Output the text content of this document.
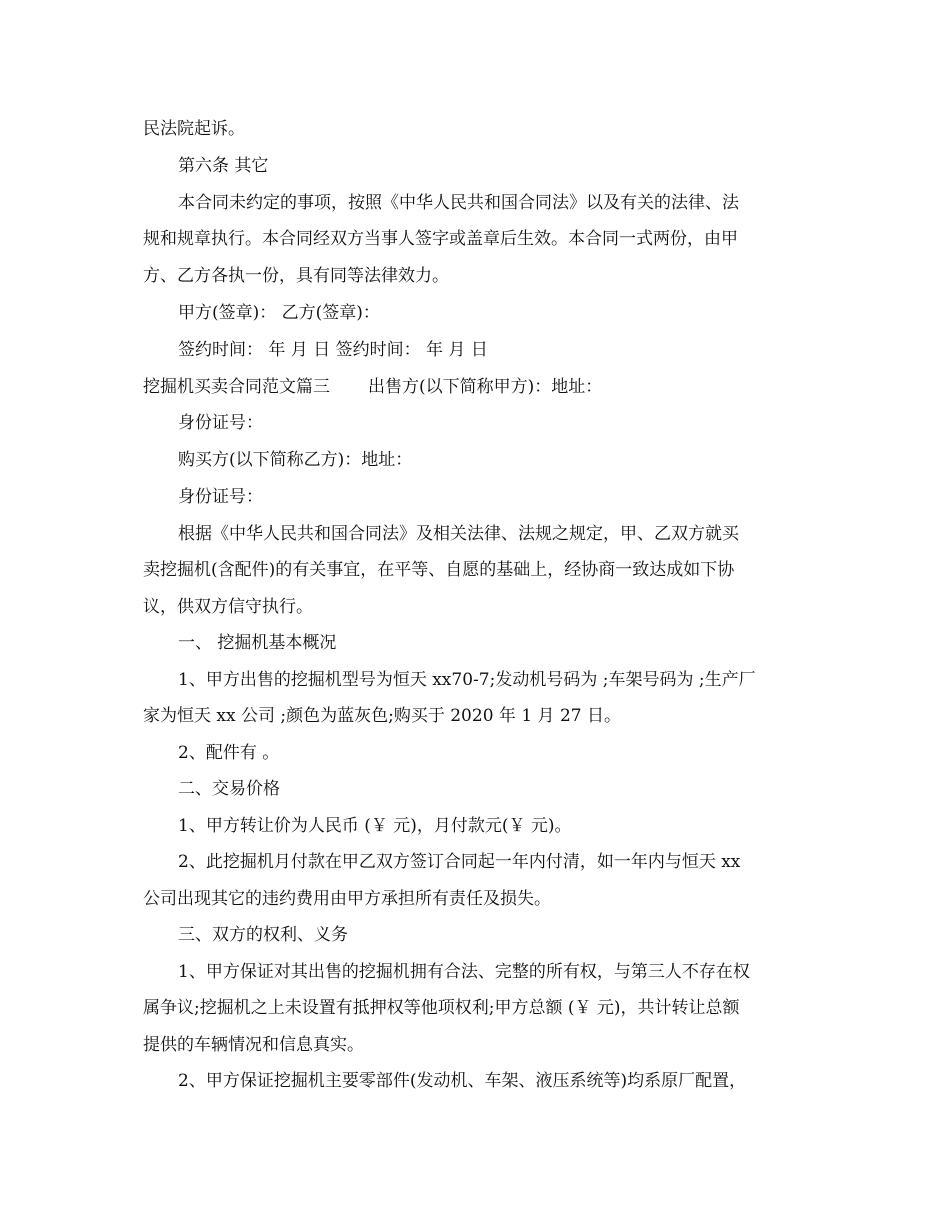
民法院起诉。
第六条 其它
本合同未约定的事项，按照《中华人民共和国合同法》以及有关的法律、法
规和规章执行。本合同经双方当事人签字或盖章后生效。本合同一式两份，由甲
方、乙方各执一份，具有同等法律效力。
甲方(签章)： 乙方(签章)：
签约时间： 年 月 日 签约时间： 年 月 日
挖掘机买卖合同范文篇三 出售方(以下简称甲方)：地址：
身份证号：
购买方(以下简称乙方)：地址：
身份证号：
根据《中华人民共和国合同法》及相关法律、法规之规定，甲、乙双方就买
卖挖掘机(含配件)的有关事宜，在平等、自愿的基础上，经协商一致达成如下协
议，供双方信守执行。
一、 挖掘机基本概况
1、甲方出售的挖掘机型号为恒天 xx70-7;发动机号码为 ;车架号码为 ;生产厂
家为恒天 xx 公司 ;颜色为蓝灰色;购买于 2020 年 1 月 27 日。
2、配件有 。
二、交易价格
1、甲方转让价为人民币 (￥ 元)，月付款元(￥ 元)。
2、此挖掘机月付款在甲乙双方签订合同起一年内付清，如一年内与恒天 xx
公司出现其它的违约费用由甲方承担所有责任及损失。
三、双方的权利、义务
1、甲方保证对其出售的挖掘机拥有合法、完整的所有权，与第三人不存在权
属争议;挖掘机之上未设置有抵押权等他项权利;甲方总额 (￥ 元)，共计转让总额
提供的车辆情况和信息真实。
2、甲方保证挖掘机主要零部件(发动机、车架、液压系统等)均系原厂配置，
